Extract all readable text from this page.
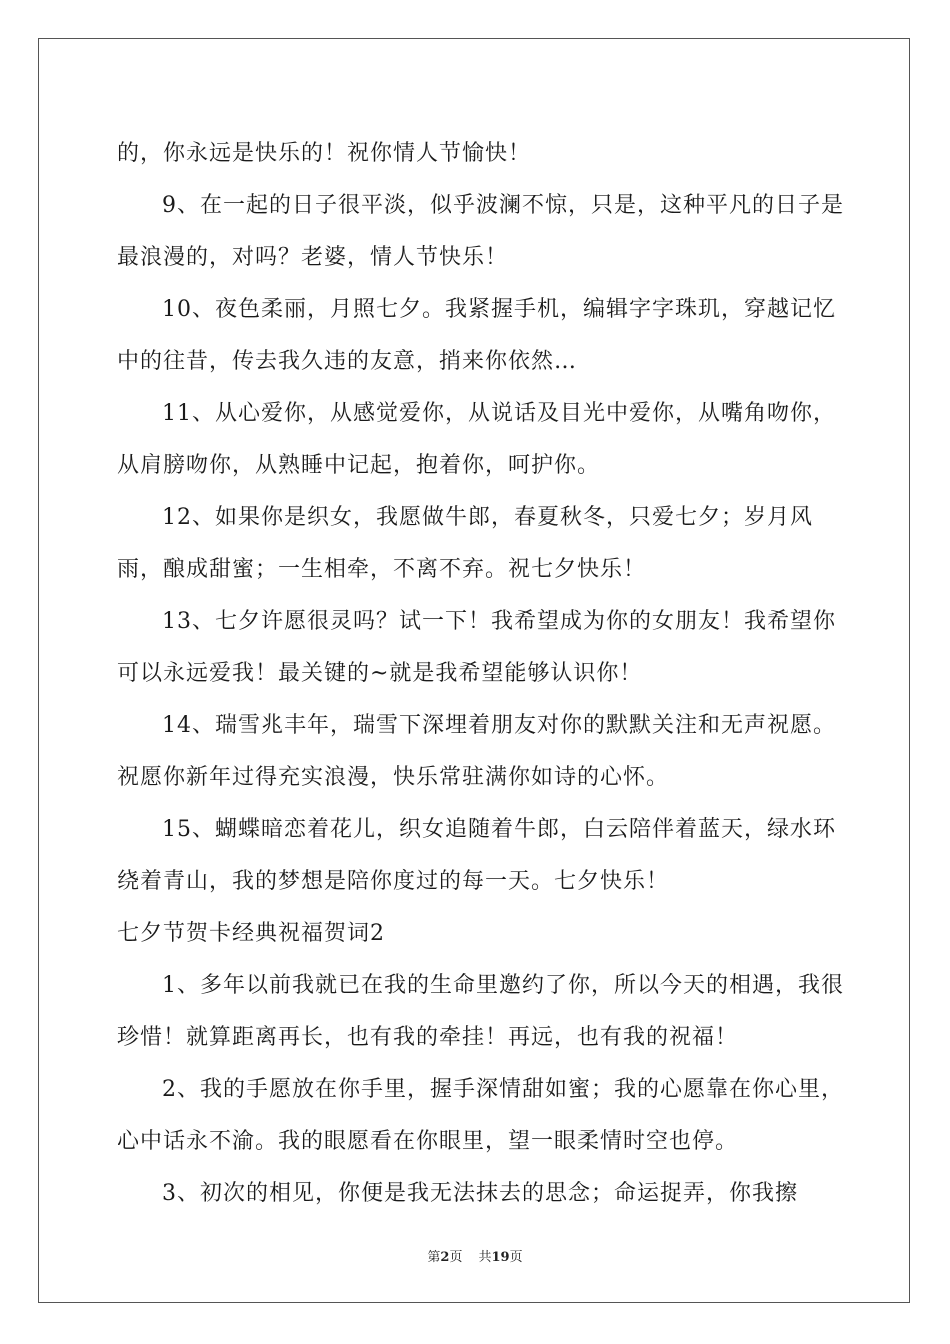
的，你永远是快乐的！祝你情人节愉快！

9、在一起的日子很平淡，似乎波澜不惊，只是，这种平凡的日子是最浪漫的，对吗？老婆，情人节快乐！

10、夜色柔丽，月照七夕。我紧握手机，编辑字字珠玑，穿越记忆中的往昔，传去我久违的友意，捎来你依然…

11、从心爱你，从感觉爱你，从说话及目光中爱你，从嘴角吻你，从肩膀吻你，从熟睡中记起，抱着你，呵护你。

12、如果你是织女，我愿做牛郎，春夏秋冬，只爱七夕；岁月风雨，酿成甜蜜；一生相牵，不离不弃。祝七夕快乐！

13、七夕许愿很灵吗？试一下！我希望成为你的女朋友！我希望你可以永远爱我！最关键的~就是我希望能够认识你！

14、瑞雪兆丰年，瑞雪下深埋着朋友对你的默默关注和无声祝愿。祝愿你新年过得充实浪漫，快乐常驻满你如诗的心怀。

15、蝴蝶暗恋着花儿，织女追随着牛郎，白云陪伴着蓝天，绿水环绕着青山，我的梦想是陪你度过的每一天。七夕快乐！

七夕节贺卡经典祝福贺词2

1、多年以前我就已在我的生命里邀约了你，所以今天的相遇，我很珍惜！就算距离再长，也有我的牵挂！再远，也有我的祝福！

2、我的手愿放在你手里，握手深情甜如蜜；我的心愿靠在你心里，心中话永不渝。我的眼愿看在你眼里，望一眼柔情时空也停。

3、初次的相见，你便是我无法抹去的思念；命运捉弄，你我擦

第2页 共19页
